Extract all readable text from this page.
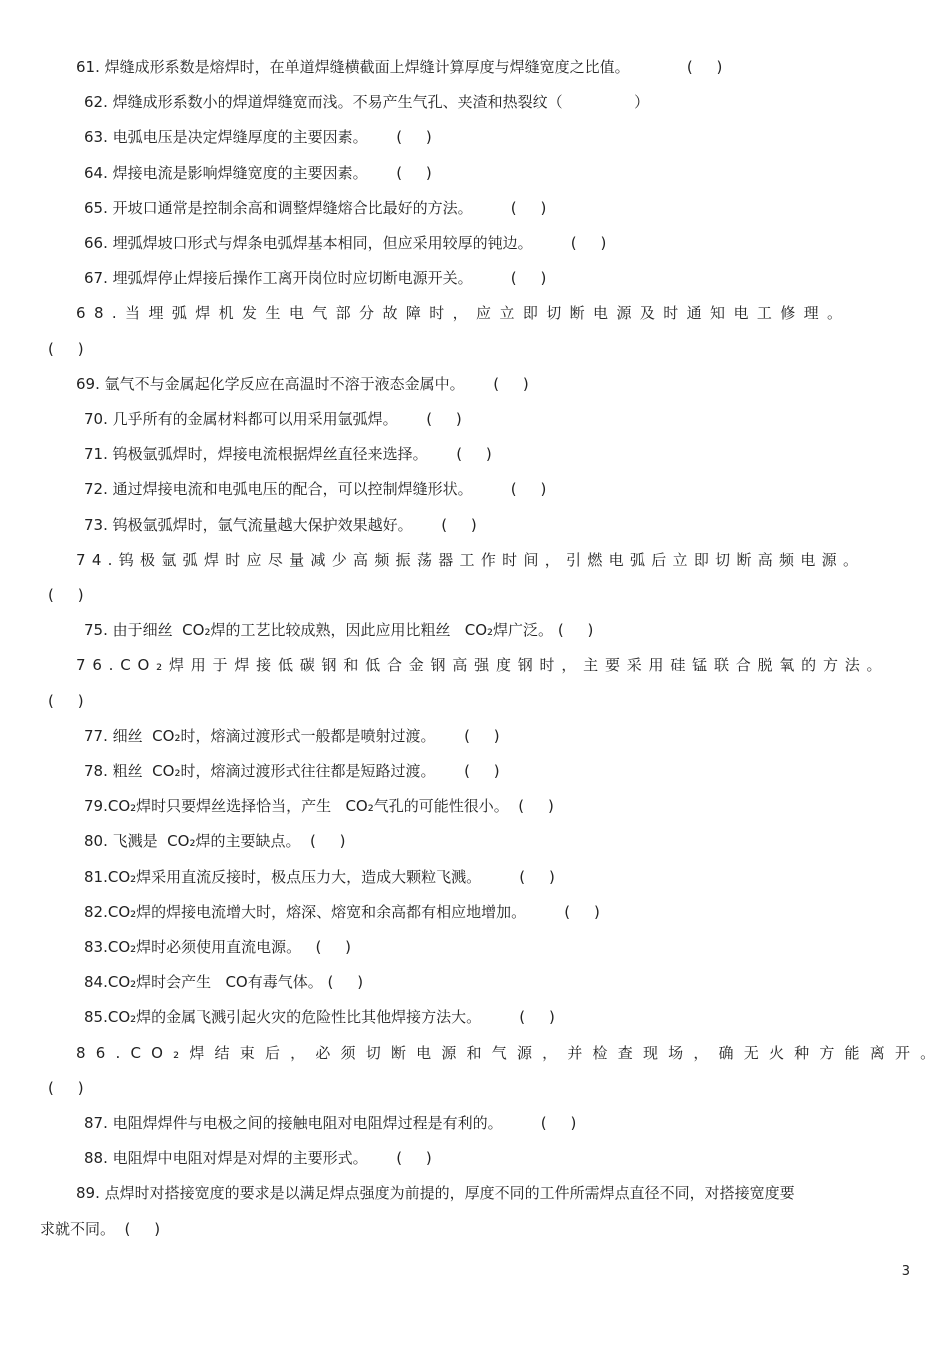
61. 焊缝成形系数是熔焊时，在单道焊缝横截面上焊缝计算厚度与焊缝宽度之比值。            (     )
62. 焊缝成形系数小的焊道焊缝宽而浅。不易产生气孔、夹渣和热裂纹（               ）
63. 电弧电压是决定焊缝厚度的主要因素。      (     )
64. 焊接电流是影响焊缝宽度的主要因素。      (     )
65. 开坡口通常是控制余高和调整焊缝熔合比最好的方法。        (     )
66. 埋弧焊坡口形式与焊条电弧焊基本相同，但应采用较厚的钝边。        (     )
67. 埋弧焊停止焊接后操作工离开岗位时应切断电源开关。        (     )
68.当埋弧焊机发生电气部分故障时，应立即切断电源及时通知电工修理。
(     )
69. 氩气不与金属起化学反应在高温时不溶于液态金属中。      (     )
70. 几乎所有的金属材料都可以用采用氩弧焊。      (     )
71. 钨极氩弧焊时，焊接电流根据焊丝直径来选择。      (     )
72. 通过焊接电流和电弧电压的配合，可以控制焊缝形状。        (     )
73. 钨极氩弧焊时，氩气流量越大保护效果越好。      (     )
74.钨极氩弧焊时应尽量减少高频振荡器工作时间，引燃电弧后立即切断高频电源。
(     )
75. 由于细丝  CO₂焊的工艺比较成熟，因此应用比粗丝   CO₂焊广泛。 (     )
76.CO₂焊用于焊接低碳钢和低合金钢高强度钢时，主要采用硅锰联合脱氧的方法。
(     )
77. 细丝  CO₂时，熔滴过渡形式一般都是喷射过渡。      (     )
78. 粗丝  CO₂时，熔滴过渡形式往往都是短路过渡。      (     )
79.CO₂焊时只要焊丝选择恰当，产生   CO₂气孔的可能性很小。  (     )
80. 飞溅是  CO₂焊的主要缺点。  (     )
81.CO₂焊采用直流反接时，极点压力大，造成大颗粒飞溅。        (     )
82.CO₂焊的焊接电流增大时，熔深、熔宽和余高都有相应地增加。        (     )
83.CO₂焊时必须使用直流电源。   (     )
84.CO₂焊时会产生   CO有毒气体。 (     )
85.CO₂焊的金属飞溅引起火灾的危险性比其他焊接方法大。        (     )
86.CO₂焊结束后，必须切断电源和气源，并检查现场，确无火种方能离开。
(     )
87. 电阻焊焊件与电极之间的接触电阻对电阻焊过程是有利的。        (     )
88. 电阻焊中电阻对焊是对焊的主要形式。      (     )
89. 点焊时对搭接宽度的要求是以满足焊点强度为前提的，厚度不同的工件所需焊点直径不同，对搭接宽度要
求就不同。  (     )
3
